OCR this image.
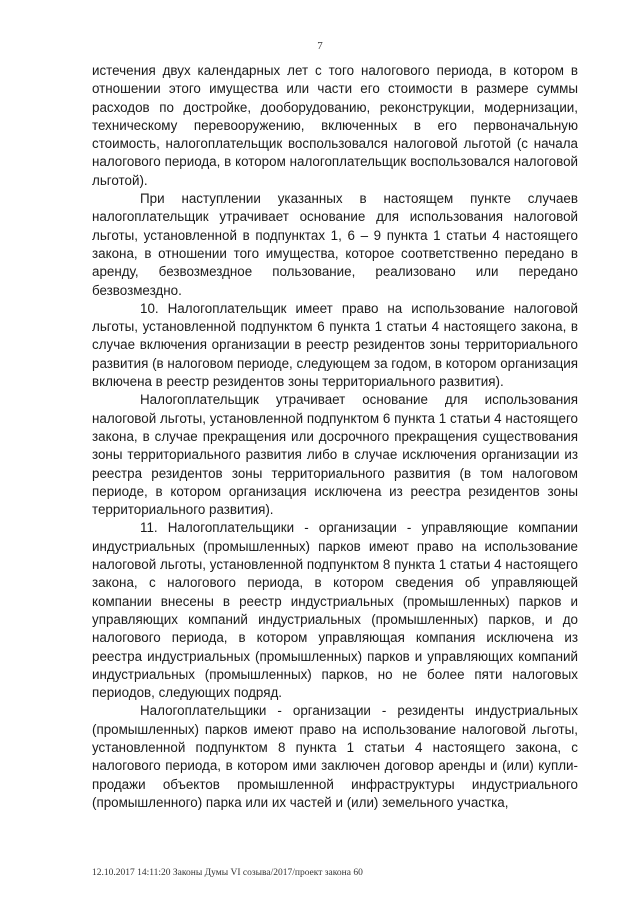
7

истечения двух календарных лет с того налогового периода, в котором в отношении этого имущества или части его стоимости в размере суммы расходов по достройке, дооборудованию, реконструкции, модернизации, техническому перевооружению, включенных в его первоначальную стоимость, налогоплательщик воспользовался налоговой льготой (с начала налогового периода, в котором налогоплательщик воспользовался налоговой льготой).

При наступлении указанных в настоящем пункте случаев налогоплательщик утрачивает основание для использования налоговой льготы, установленной в подпунктах 1, 6 – 9 пункта 1 статьи 4 настоящего закона, в отношении того имущества, которое соответственно передано в аренду, безвозмездное пользование, реализовано или передано безвозмездно.

10. Налогоплательщик имеет право на использование налоговой льготы, установленной подпунктом 6 пункта 1 статьи 4 настоящего закона, в случае включения организации в реестр резидентов зоны территориального развития (в налоговом периоде, следующем за годом, в котором организация включена в реестр резидентов зоны территориального развития).

Налогоплательщик утрачивает основание для использования налоговой льготы, установленной подпунктом 6 пункта 1 статьи 4 настоящего закона, в случае прекращения или досрочного прекращения существования зоны территориального развития либо в случае исключения организации из реестра резидентов зоны территориального развития (в том налоговом периоде, в котором организация исключена из реестра резидентов зоны территориального развития).

11. Налогоплательщики - организации - управляющие компании индустриальных (промышленных) парков имеют право на использование налоговой льготы, установленной подпунктом 8 пункта 1 статьи 4 настоящего закона, с налогового периода, в котором сведения об управляющей компании внесены в реестр индустриальных (промышленных) парков и управляющих компаний индустриальных (промышленных) парков, и до налогового периода, в котором управляющая компания исключена из реестра индустриальных (промышленных) парков и управляющих компаний индустриальных (промышленных) парков, но не более пяти налоговых периодов, следующих подряд.

Налогоплательщики - организации - резиденты индустриальных (промышленных) парков имеют право на использование налоговой льготы, установленной подпунктом 8 пункта 1 статьи 4 настоящего закона, с налогового периода, в котором ими заключен договор аренды и (или) купли-продажи объектов промышленной инфраструктуры индустриального (промышленного) парка или их частей и (или) земельного участка,

12.10.2017 14:11:20 Законы Думы VI созыва/2017/проект закона 60
